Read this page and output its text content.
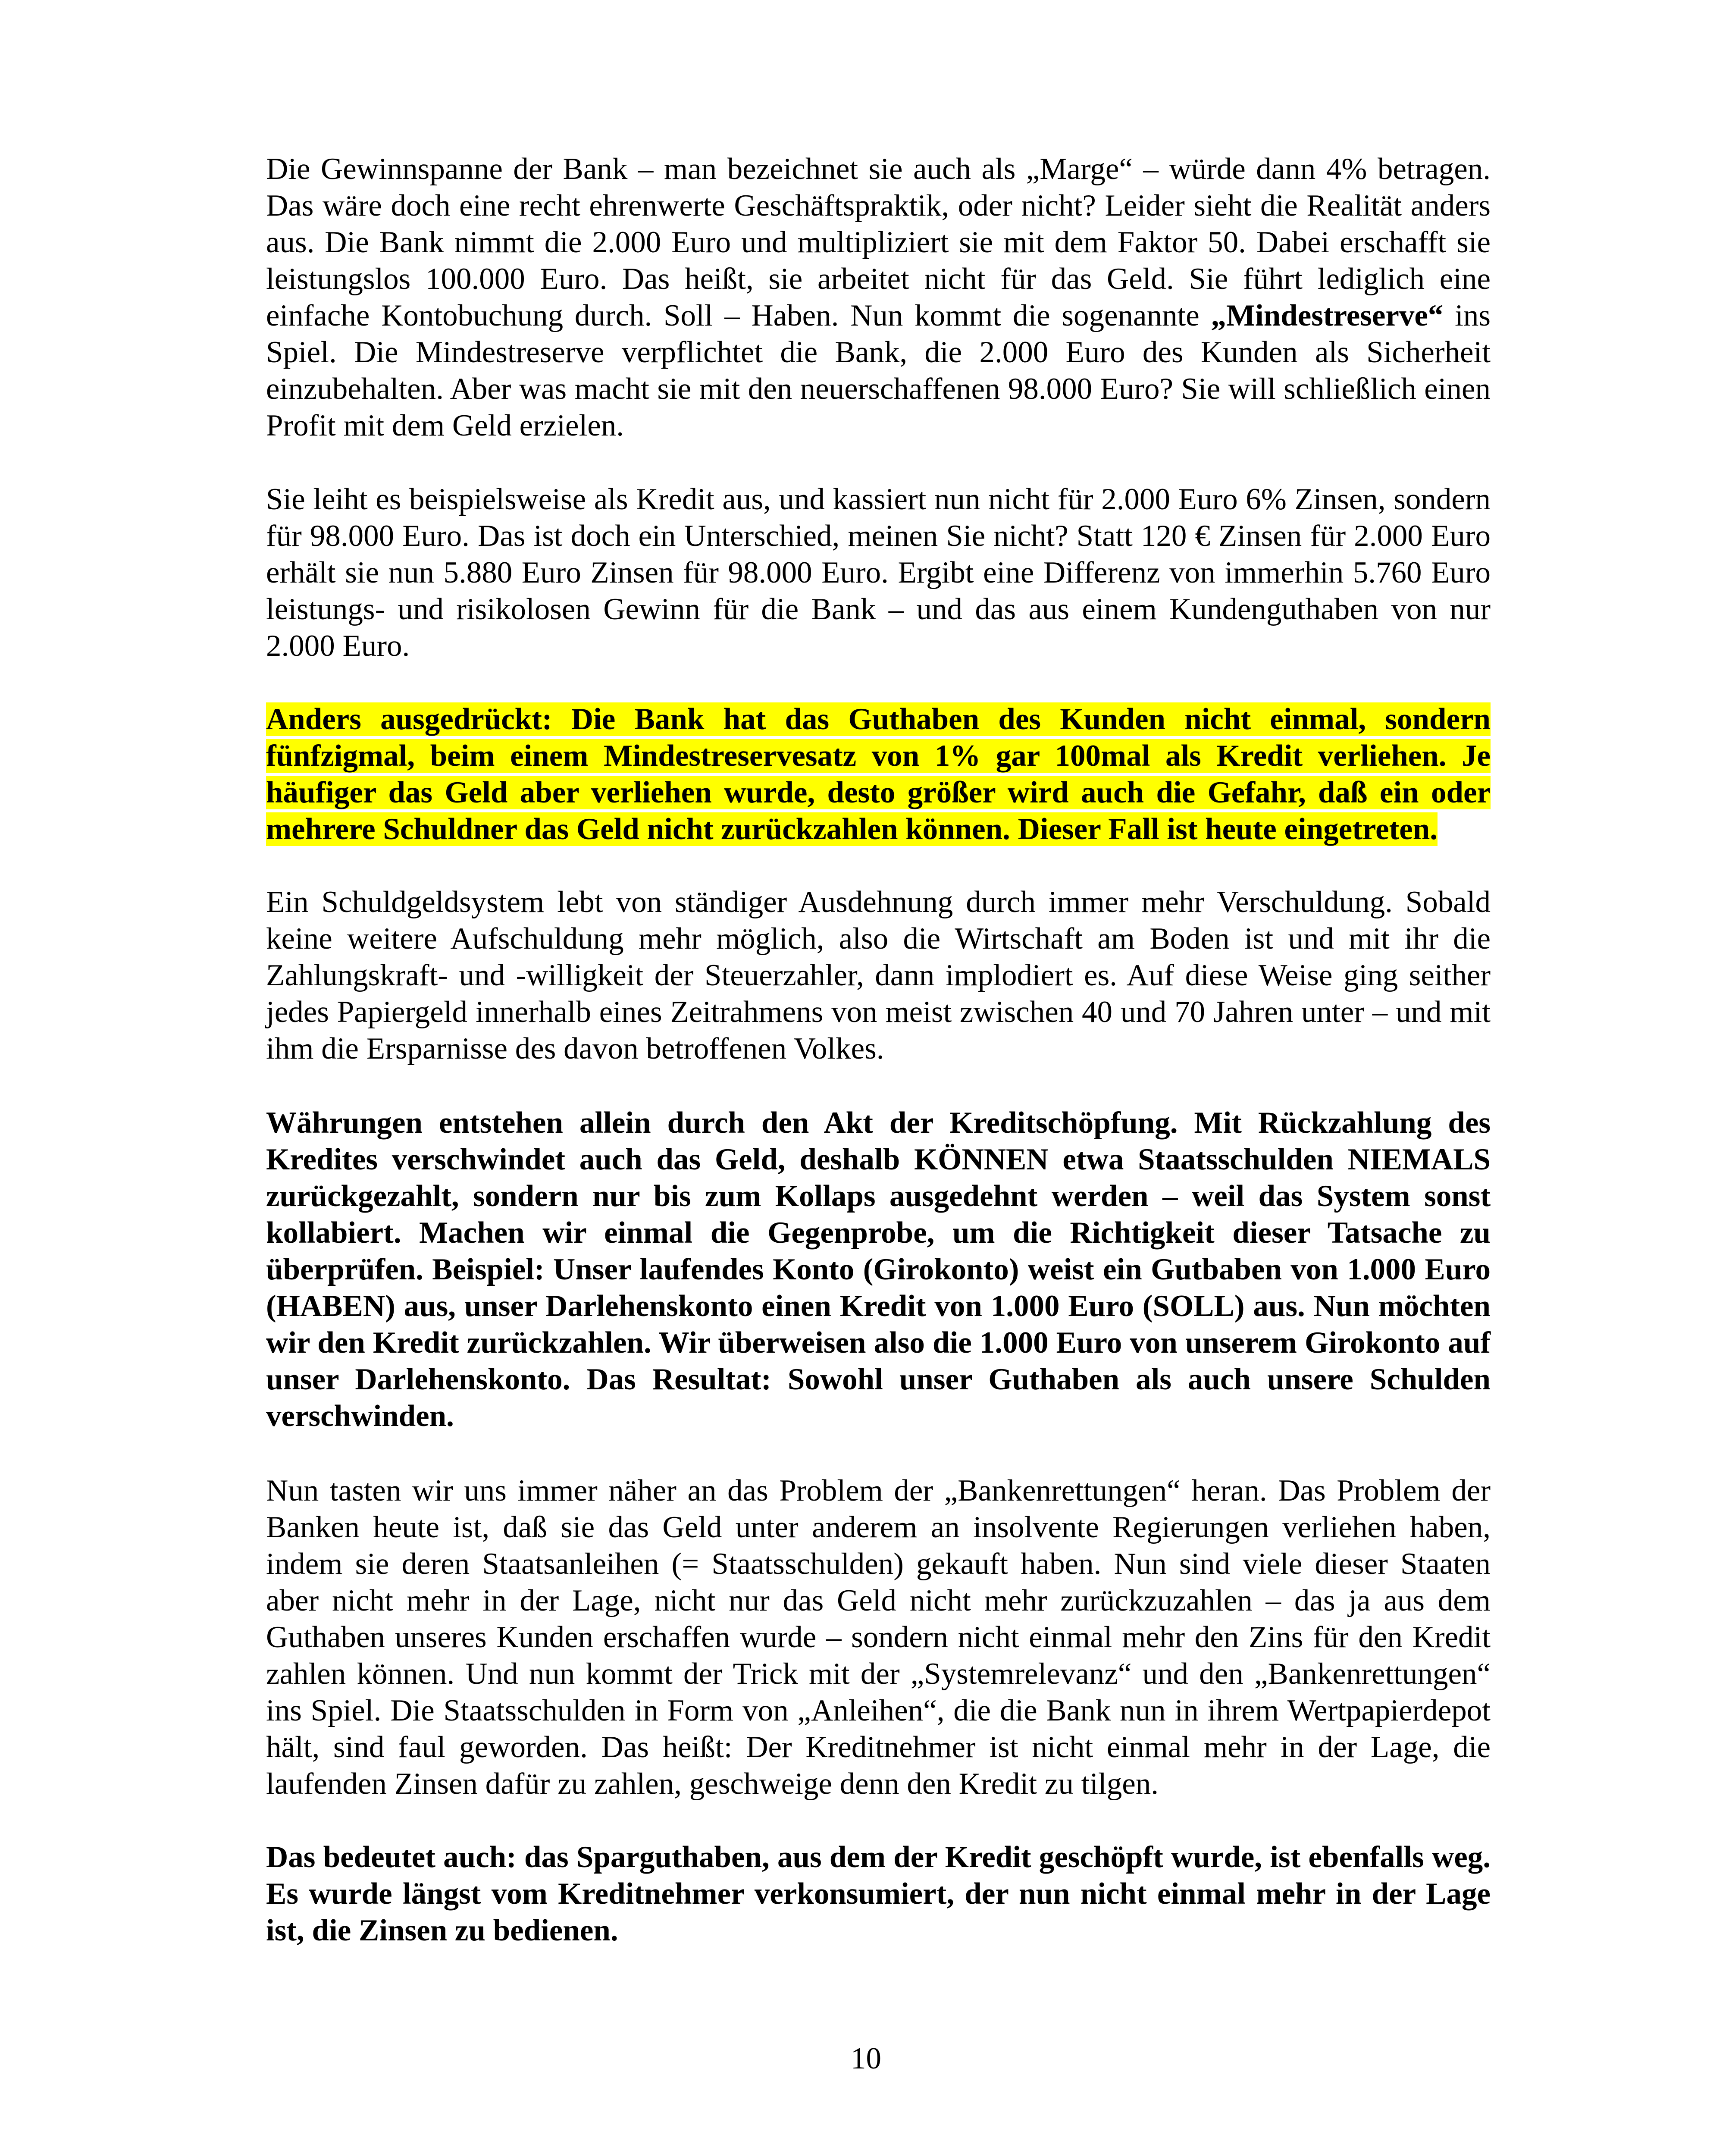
Die Gewinnspanne der Bank – man bezeichnet sie auch als „Marge“ – würde dann 4% betragen. Das wäre doch eine recht ehrenwerte Geschäftspraktik, oder nicht? Leider sieht die Realität anders aus. Die Bank nimmt die 2.000 Euro und multipliziert sie mit dem Faktor 50. Dabei erschafft sie leistungslos 100.000 Euro. Das heißt, sie arbeitet nicht für das Geld. Sie führt lediglich eine einfache Kontobuchung durch. Soll – Haben. Nun kommt die sogenannte „Mindestreserve“ ins Spiel. Die Mindestreserve verpflichtet die Bank, die 2.000 Euro des Kunden als Sicherheit einzubehalten. Aber was macht sie mit den neuerschaffenen 98.000 Euro? Sie will schließlich einen Profit mit dem Geld erzielen.

Sie leiht es beispielsweise als Kredit aus, und kassiert nun nicht für 2.000 Euro 6% Zinsen, sondern für 98.000 Euro. Das ist doch ein Unterschied, meinen Sie nicht? Statt 120 € Zinsen für 2.000 Euro erhält sie nun 5.880 Euro Zinsen für 98.000 Euro. Ergibt eine Differenz von immerhin 5.760 Euro leistungs- und risikolosen Gewinn für die Bank – und das aus einem Kundenguthaben von nur 2.000 Euro.

Anders ausgedrückt: Die Bank hat das Guthaben des Kunden nicht einmal, sondern fünfzigmal, beim einem Mindestreservesatz von 1% gar 100mal als Kredit verliehen. Je häufiger das Geld aber verliehen wurde, desto größer wird auch die Gefahr, daß ein oder mehrere Schuldner das Geld nicht zurückzahlen können. Dieser Fall ist heute eingetreten.

Ein Schuldgeldsystem lebt von ständiger Ausdehnung durch immer mehr Verschuldung. Sobald keine weitere Aufschuldung mehr möglich, also die Wirtschaft am Boden ist und mit ihr die Zahlungskraft- und -willigkeit der Steuerzahler, dann implodiert es. Auf diese Weise ging seither jedes Papiergeld innerhalb eines Zeitrahmens von meist zwischen 40 und 70 Jahren unter – und mit ihm die Ersparnisse des davon betroffenen Volkes.

Währungen entstehen allein durch den Akt der Kreditschöpfung. Mit Rückzahlung des Kredites verschwindet auch das Geld, deshalb KÖNNEN etwa Staatsschulden NIEMALS zurückgezahlt, sondern nur bis zum Kollaps ausgedehnt werden – weil das System sonst kollabiert. Machen wir einmal die Gegenprobe, um die Richtigkeit dieser Tatsache zu überprüfen. Beispiel: Unser laufendes Konto (Girokonto) weist ein Gutbaben von 1.000 Euro (HABEN) aus, unser Darlehenskonto einen Kredit von 1.000 Euro (SOLL) aus. Nun möchten wir den Kredit zurückzahlen. Wir überweisen also die 1.000 Euro von unserem Girokonto auf unser Darlehenskonto. Das Resultat: Sowohl unser Guthaben als auch unsere Schulden verschwinden.

Nun tasten wir uns immer näher an das Problem der „Bankenrettungen“ heran. Das Problem der Banken heute ist, daß sie das Geld unter anderem an insolvente Regierungen verliehen haben, indem sie deren Staatsanleihen (= Staatsschulden) gekauft haben. Nun sind viele dieser Staaten aber nicht mehr in der Lage, nicht nur das Geld nicht mehr zurückzuzahlen – das ja aus dem Guthaben unseres Kunden erschaffen wurde – sondern nicht einmal mehr den Zins für den Kredit zahlen können. Und nun kommt der Trick mit der „Systemrelevanz“ und den „Bankenrettungen“ ins Spiel. Die Staatsschulden in Form von „Anleihen“, die die Bank nun in ihrem Wertpapierdepot hält, sind faul geworden. Das heißt: Der Kreditnehmer ist nicht einmal mehr in der Lage, die laufenden Zinsen dafür zu zahlen, geschweige denn den Kredit zu tilgen.

Das bedeutet auch: das Sparguthaben, aus dem der Kredit geschöpft wurde, ist ebenfalls weg. Es wurde längst vom Kreditnehmer verkonsumiert, der nun nicht einmal mehr in der Lage ist, die Zinsen zu bedienen.

10
